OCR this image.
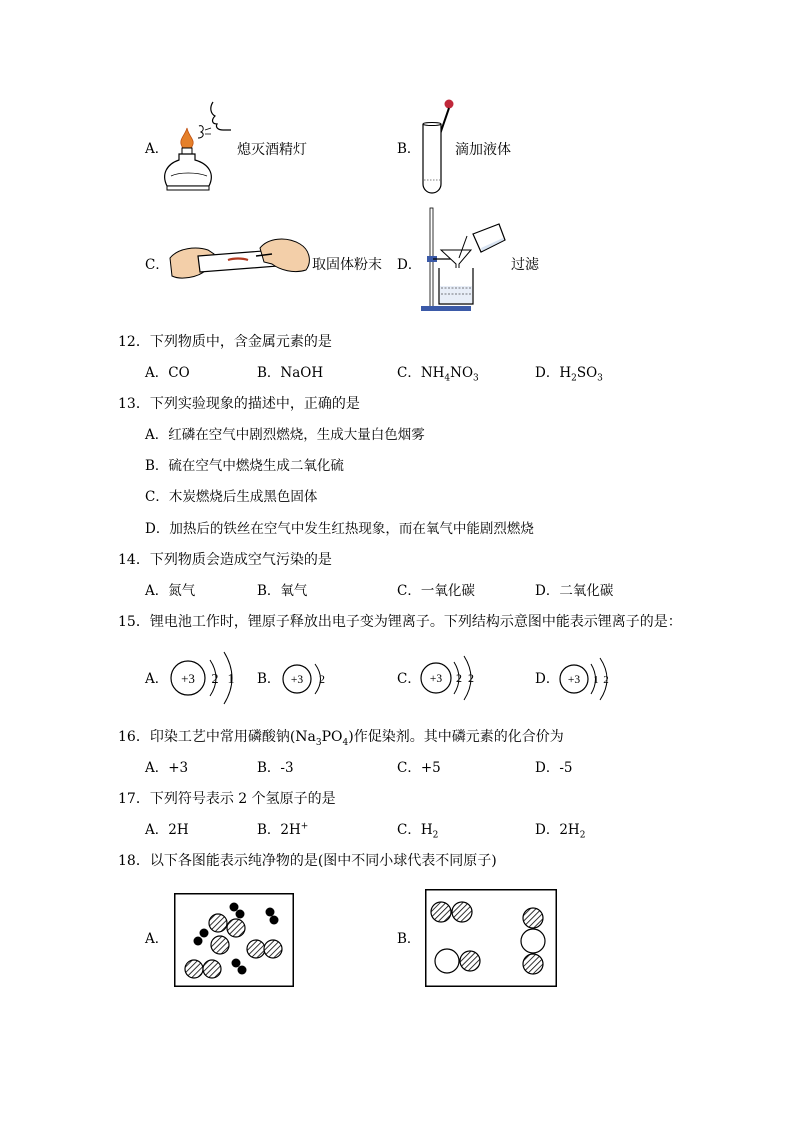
A．	熄灭酒精灯	B． 滴加液体
C．	取固体粉末 D．	过滤
12．下列物质中，含金属元素的是
A．CO	B．NaOH	C．$NH_4NO_3$	D．$H_2SO_3$
13．下列实验现象的描述中，正确的是
A．红磷在空气中剧烈燃烧，生成大量白色烟雾
B．硫在空气中燃烧生成二氧化硫
C．木炭燃烧后生成黑色固体
D．加热后的铁丝在空气中发生红热现象，而在氧气中能剧烈燃烧
14．下列物质会造成空气污染的是
A．氮气	B．氧气	C．一氧化碳	D．二氧化碳
15．锂电池工作时，锂原子释放出电子变为锂离子。下列结构示意图中能表示锂离子的是：
A． +3 2 1 B． +3 2	C． +3 2 2	D． +3 1 2
16．印染工艺中常用磷酸钠$(Na_3PO_4)$作促染剂。其中磷元素的化合价为
A．+3	B．-3	C．+5	D．-5
17．下列符号表示 2 个氢原子的是
A．2H	B．2H+	C．$H_2$	D．$2H_2$
18．以下各图能表示纯净物的是(图中不同小球代表不同原子)
A．	B．
